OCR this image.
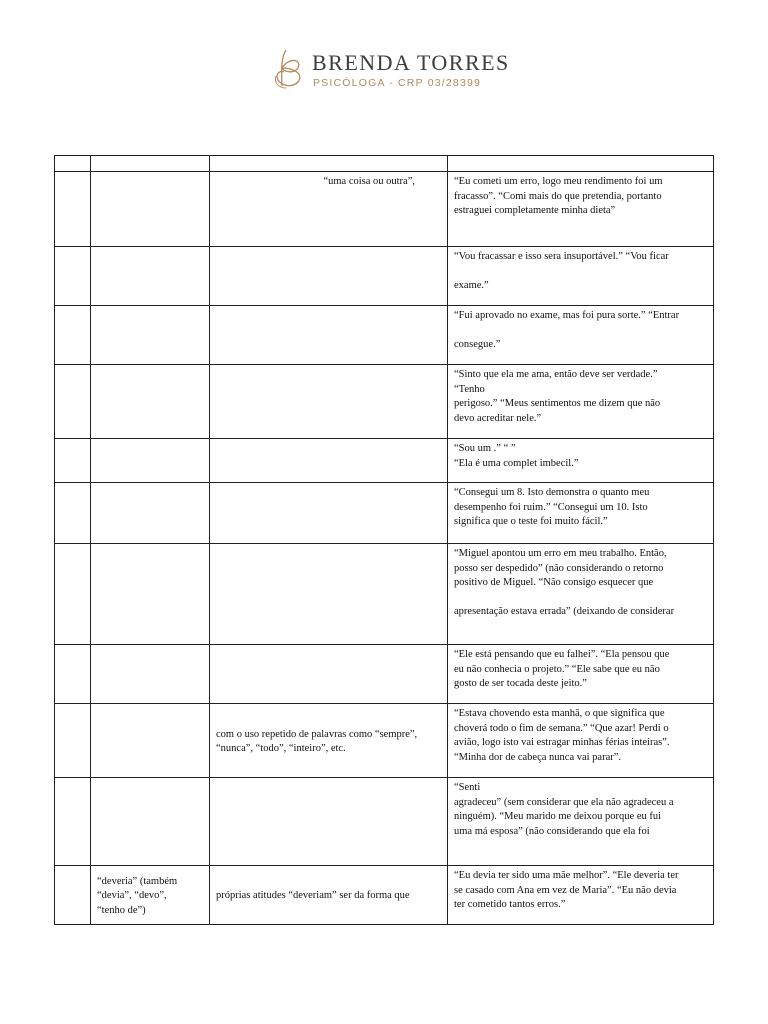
BRENDA TORRES
PSICÓLOGA - CRP 03/28399

		“uma coisa ou outra”,	“Eu cometi um erro, logo meu rendimento foi um
fracasso”. “Comi mais do que pretendia, portanto
estraguei completamente minha dieta”

			“Vou fracassar e isso sera insuportável.” “Vou ficar
exame.”

			“Fui aprovado no exame, mas foi pura sorte.” “Entrar
consegue.”

			“Sinto que ela me ama, então deve ser verdade.”
“Tenho
perigoso.” “Meus sentimentos me dizem que não
devo acreditar nele.”

			“Sou um .” “ ”
“Ela é uma complet imbecil.”

			“Consegui um 8. Isto demonstra o quanto meu
desempenho foi ruim.” “Consegui um 10. Isto
significa que o teste foi muito fácil.”

			“Miguel apontou um erro em meu trabalho. Então,
posso ser despedido” (não considerando o retorno
positivo de Miguel. “Não consigo esquecer que
apresentação estava errada” (deixando de considerar

			“Ele está pensando que eu falhei”. “Ela pensou que
eu não conhecia o projeto.” “Ele sabe que eu não
gosto de ser tocada deste jeito.”

		com o uso repetido de palavras como “sempre”,
“nunca”, “todo”, “inteiro”, etc.	“Estava chovendo esta manhã, o que significa que
choverá todo o fim de semana.” “Que azar! Perdi o
avião, logo isto vai estragar minhas férias inteiras”.
“Minha dor de cabeça nunca vai parar”.

			“Senti
agradeceu” (sem considerar que ela não agradeceu a
ninguém). “Meu marido me deixou porque eu fui
uma má esposa” (não considerando que ela foi

	“deveria” (também
“devia”, “devo”,
“tenho de”)	próprias atitudes “deveriam” ser da forma que	“Eu devia ter sido uma mãe melhor”. “Ele deveria ter
se casado com Ana em vez de Maria”. “Eu não devia
ter cometido tantos erros.”
